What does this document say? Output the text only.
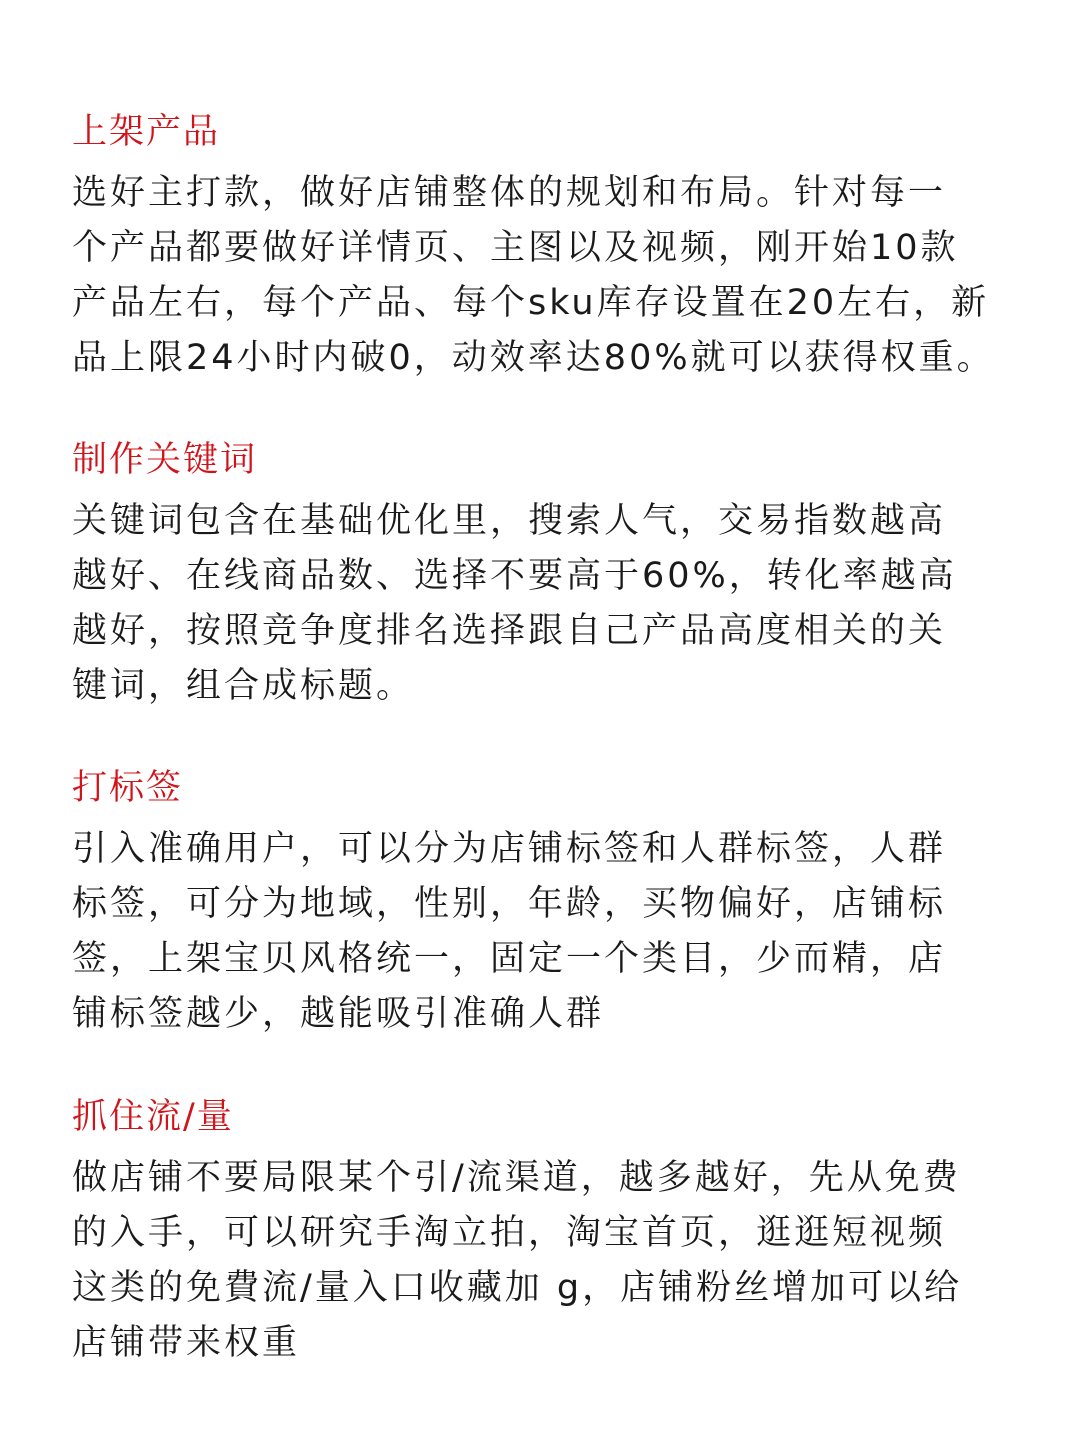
上架产品
选好主打款，做好店铺整体的规划和布局。针对每一
个产品都要做好详情页、主图以及视频，刚开始10款
产品左右，每个产品、每个sku库存设置在20左右，新
品上限24小时内破0，动效率达80%就可以获得权重。
制作关键词
关键词包含在基础优化里，搜索人气，交易指数越高
越好、在线商品数、选择不要高于60%，转化率越高
越好，按照竞争度排名选择跟自己产品高度相关的关
键词，组合成标题。
打标签
引入准确用户，可以分为店铺标签和人群标签，人群
标签，可分为地域，性别，年龄，买物偏好，店铺标
签，上架宝贝风格统一，固定一个类目，少而精，店
铺标签越少，越能吸引准确人群
抓住流/量
做店铺不要局限某个引/流渠道，越多越好，先从免费
的入手，可以研究手淘立拍，淘宝首页，逛逛短视频
这类的免費流/量入口收藏加 g，店铺粉丝增加可以给
店铺带来权重
